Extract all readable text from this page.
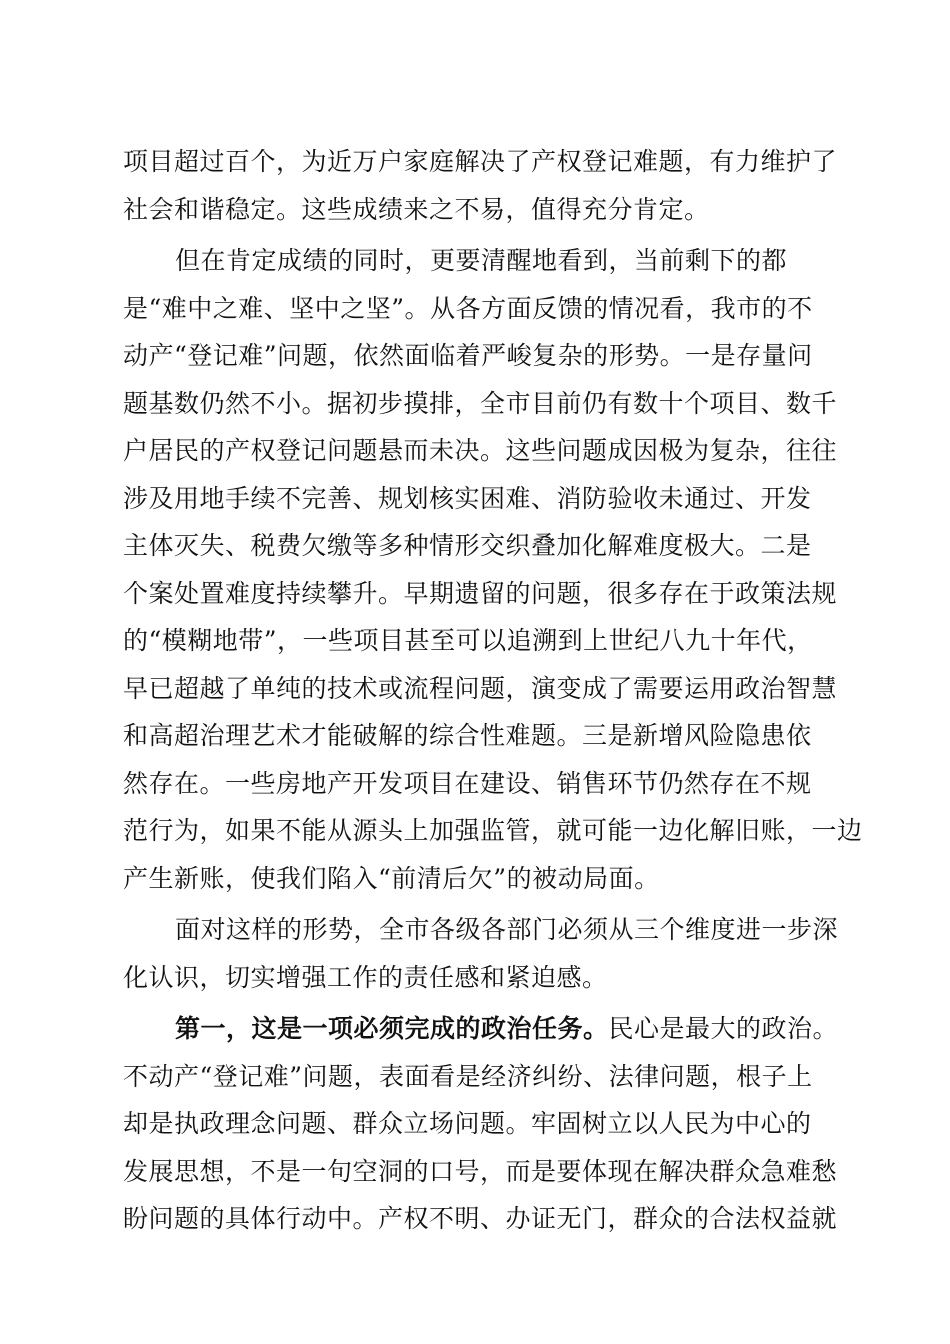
项目超过百个，为近万户家庭解决了产权登记难题，有力维护了
社会和谐稳定。这些成绩来之不易，值得充分肯定。

但在肯定成绩的同时，更要清醒地看到，当前剩下的都
是“难中之难、坚中之坚”。从各方面反馈的情况看，我市的不
动产“登记难”问题，依然面临着严峻复杂的形势。一是存量问
题基数仍然不小。据初步摸排，全市目前仍有数十个项目、数千
户居民的产权登记问题悬而未决。这些问题成因极为复杂，往往
涉及用地手续不完善、规划核实困难、消防验收未通过、开发
主体灭失、税费欠缴等多种情形交织叠加化解难度极大。二是
个案处置难度持续攀升。早期遗留的问题，很多存在于政策法规
的“模糊地带”，一些项目甚至可以追溯到上世纪八九十年代，
早已超越了单纯的技术或流程问题，演变成了需要运用政治智慧
和高超治理艺术才能破解的综合性难题。三是新增风险隐患依
然存在。一些房地产开发项目在建设、销售环节仍然存在不规
范行为，如果不能从源头上加强监管，就可能一边化解旧账，一边
产生新账，使我们陷入“前清后欠”的被动局面。

面对这样的形势，全市各级各部门必须从三个维度进一步深
化认识，切实增强工作的责任感和紧迫感。

第一，这是一项必须完成的政治任务。民心是最大的政治。
不动产“登记难”问题，表面看是经济纠纷、法律问题，根子上
却是执政理念问题、群众立场问题。牢固树立以人民为中心的
发展思想，不是一句空洞的口号，而是要体现在解决群众急难愁
盼问题的具体行动中。产权不明、办证无门，群众的合法权益就
